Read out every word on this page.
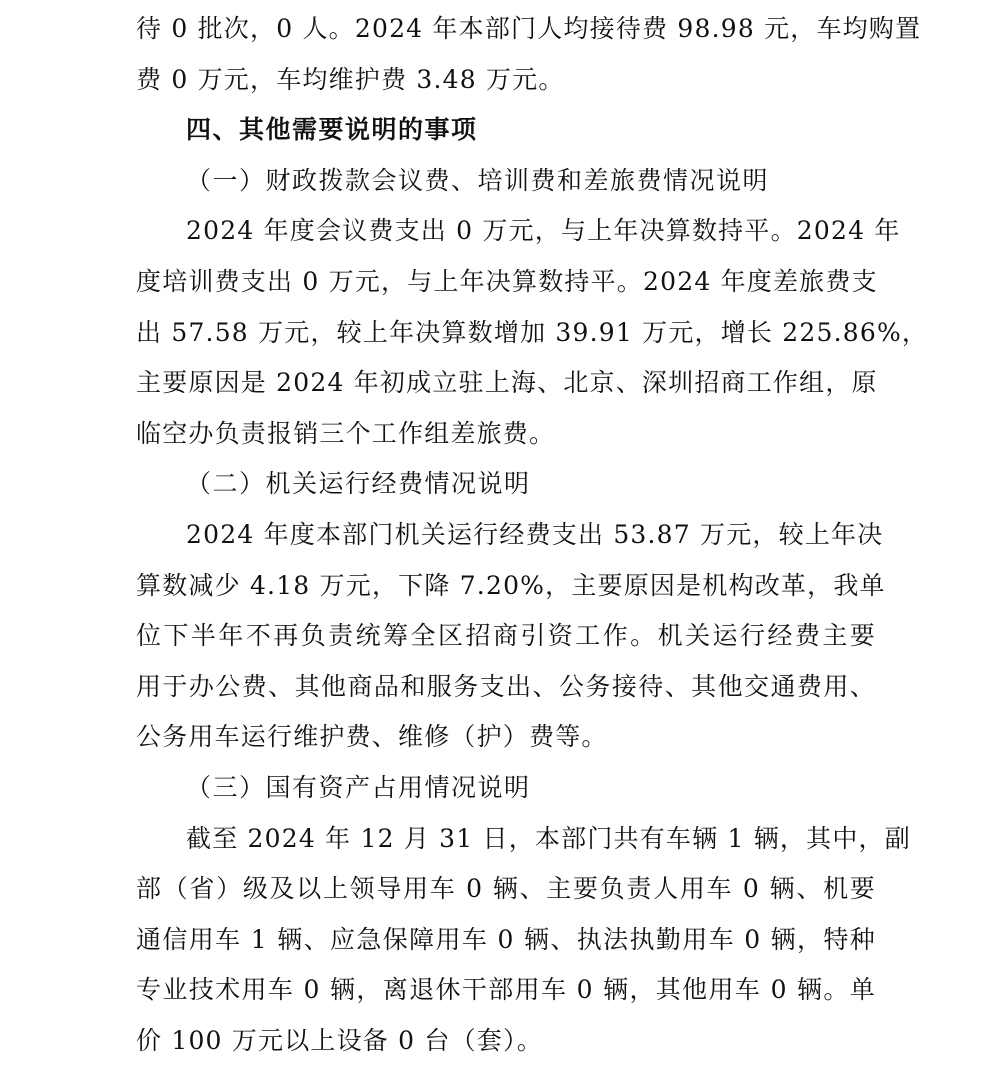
待 0 批次，0 人。2024 年本部门人均接待费 98.98 元，车均购置

费 0 万元，车均维护费 3.48 万元。

四、其他需要说明的事项

（一）财政拨款会议费、培训费和差旅费情况说明

2024 年度会议费支出 0 万元，与上年决算数持平。2024 年

度培训费支出 0 万元，与上年决算数持平。2024 年度差旅费支

出 57.58 万元，较上年决算数增加 39.91 万元，增长 225.86%，

主要原因是 2024 年初成立驻上海、北京、深圳招商工作组，原

临空办负责报销三个工作组差旅费。

（二）机关运行经费情况说明

2024 年度本部门机关运行经费支出 53.87 万元，较上年决

算数减少 4.18 万元，下降 7.20%，主要原因是机构改革，我单

位下半年不再负责统筹全区招商引资工作。机关运行经费主要

用于办公费、其他商品和服务支出、公务接待、其他交通费用、

公务用车运行维护费、维修（护）费等。

（三）国有资产占用情况说明

截至 2024 年 12 月 31 日，本部门共有车辆 1 辆，其中，副

部（省）级及以上领导用车 0 辆、主要负责人用车 0 辆、机要

通信用车 1 辆、应急保障用车 0 辆、执法执勤用车 0 辆，特种

专业技术用车 0 辆，离退休干部用车 0 辆，其他用车 0 辆。单

价 100 万元以上设备 0 台（套）。
